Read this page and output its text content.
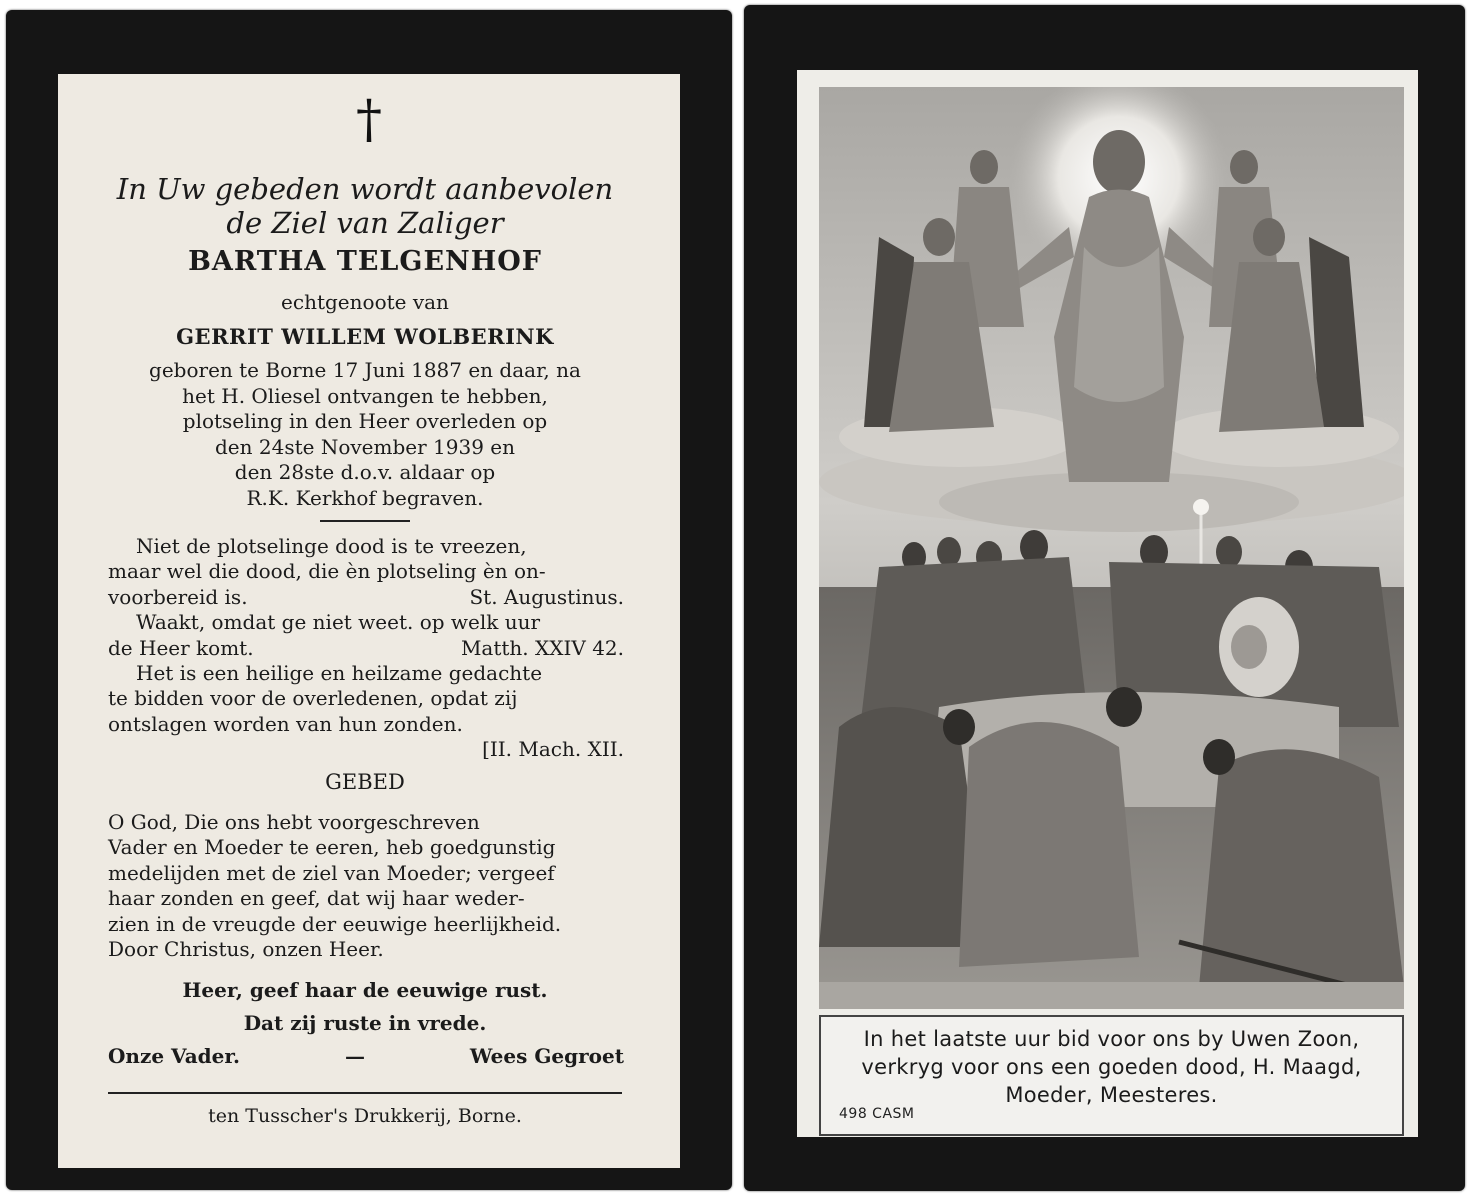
†
In Uw gebeden wordt aanbevolen
de Ziel van Zaliger
BARTHA TELGENHOF
echtgenoote van
GERRIT WILLEM WOLBERINK
geboren te Borne 17 Juni 1887 en daar, na
het H. Oliesel ontvangen te hebben,
plotseling in den Heer overleden op
den 24ste November 1939 en
den 28ste d.o.v. aldaar op
R.K. Kerkhof begraven.
Niet de plotselinge dood is te vreezen,
maar wel die dood, die èn plotseling èn on-
voorbereid is.	St. Augustinus.
Waakt, omdat ge niet weet. op welk uur
de Heer komt.	Matth. XXIV 42.
Het is een heilige en heilzame gedachte
te bidden voor de overledenen, opdat zij
ontslagen worden van hun zonden.
[II. Mach. XII.
GEBED
O God, Die ons hebt voorgeschreven
Vader en Moeder te eeren, heb goedgunstig
medelijden met de ziel van Moeder; vergeef
haar zonden en geef, dat wij haar weder-
zien in de vreugde der eeuwige heerlijkheid.
Door Christus, onzen Heer.
Heer, geef haar de eeuwige rust.
Dat zij ruste in vrede.
Onze Vader.	—	Wees Gegroet
ten Tusscher's Drukkerij, Borne.
In het laatste uur bid voor ons by Uwen Zoon,
verkryg voor ons een goeden dood, H. Maagd,
Moeder, Meesteres.
498 CASM
